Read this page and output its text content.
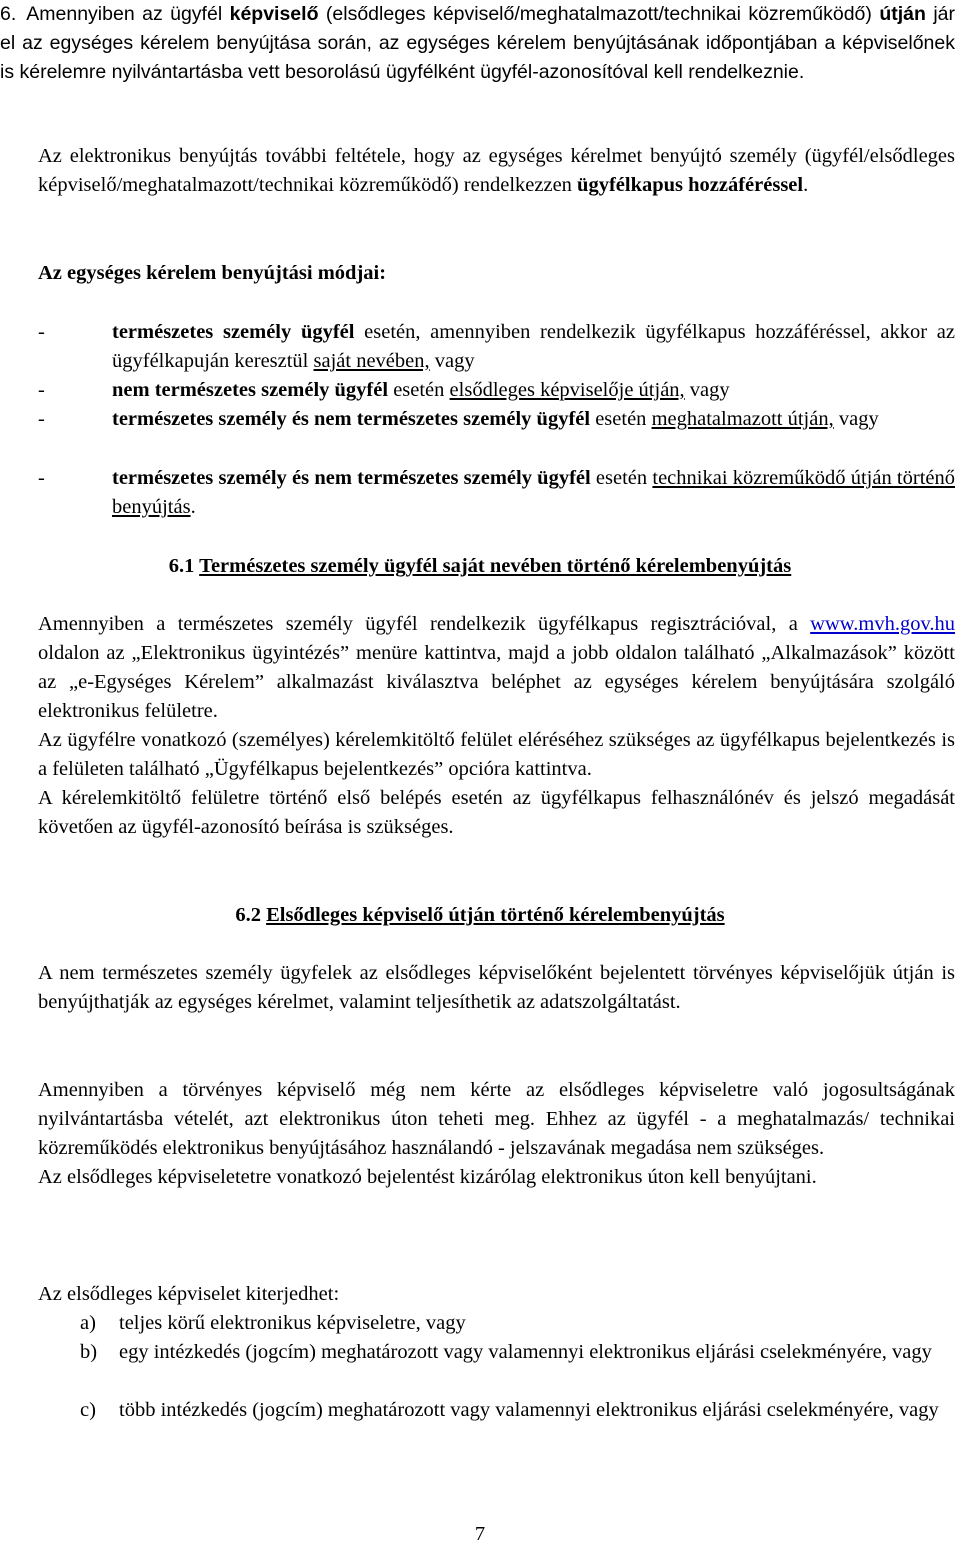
6. Amennyiben az ügyfél képviselő (elsődleges képviselő/meghatalmazott/technikai közreműködő) útján jár el az egységes kérelem benyújtása során, az egységes kérelem benyújtásának időpontjában a képviselőnek is kérelemre nyilvántartásba vett besorolású ügyfélként ügyfél-azonosítóval kell rendelkeznie.

Az elektronikus benyújtás további feltétele, hogy az egységes kérelmet benyújtó személy (ügyfél/elsődleges képviselő/meghatalmazott/technikai közreműködő) rendelkezzen ügyfélkapus hozzáféréssel.

Az egységes kérelem benyújtási módjai:
-	természetes személy ügyfél esetén, amennyiben rendelkezik ügyfélkapus hozzáféréssel, akkor az ügyfélkapuján keresztül saját nevében, vagy
-	nem természetes személy ügyfél esetén elsődleges képviselője útján, vagy
-	természetes személy és nem természetes személy ügyfél esetén meghatalmazott útján, vagy
-	természetes személy és nem természetes személy ügyfél esetén technikai közreműködő útján történő benyújtás.
6.1 Természetes személy ügyfél saját nevében történő kérelembenyújtás

Amennyiben a természetes személy ügyfél rendelkezik ügyfélkapus regisztrációval, a www.mvh.gov.hu oldalon az „Elektronikus ügyintézés” menüre kattintva, majd a jobb oldalon található „Alkalmazások” között az „e-Egységes Kérelem” alkalmazást kiválasztva beléphet az egységes kérelem benyújtására szolgáló elektronikus felületre.

Az ügyfélre vonatkozó (személyes) kérelemkitöltő felület eléréséhez szükséges az ügyfélkapus bejelentkezés is a felületen található „Ügyfélkapus bejelentkezés” opcióra kattintva.

A kérelemkitöltő felületre történő első belépés esetén az ügyfélkapus felhasználónév és jelszó megadását követően az ügyfél-azonosító beírása is szükséges.

6.2 Elsődleges képviselő útján történő kérelembenyújtás

A nem természetes személy ügyfelek az elsődleges képviselőként bejelentett törvényes képviselőjük útján is benyújthatják az egységes kérelmet, valamint teljesíthetik az adatszolgáltatást.

Amennyiben a törvényes képviselő még nem kérte az elsődleges képviseletre való jogosultságának nyilvántartásba vételét, azt elektronikus úton teheti meg. Ehhez az ügyfél - a meghatalmazás/ technikai közreműködés elektronikus benyújtásához használandó - jelszavának megadása nem szükséges.

Az elsődleges képviseletetre vonatkozó bejelentést kizárólag elektronikus úton kell benyújtani.

Az elsődleges képviselet kiterjedhet:

a) teljes körű elektronikus képviseletre, vagy
b) egy intézkedés (jogcím) meghatározott vagy valamennyi elektronikus eljárási cselekményére, vagy
c) több intézkedés (jogcím) meghatározott vagy valamennyi elektronikus eljárási cselekményére, vagy
7
